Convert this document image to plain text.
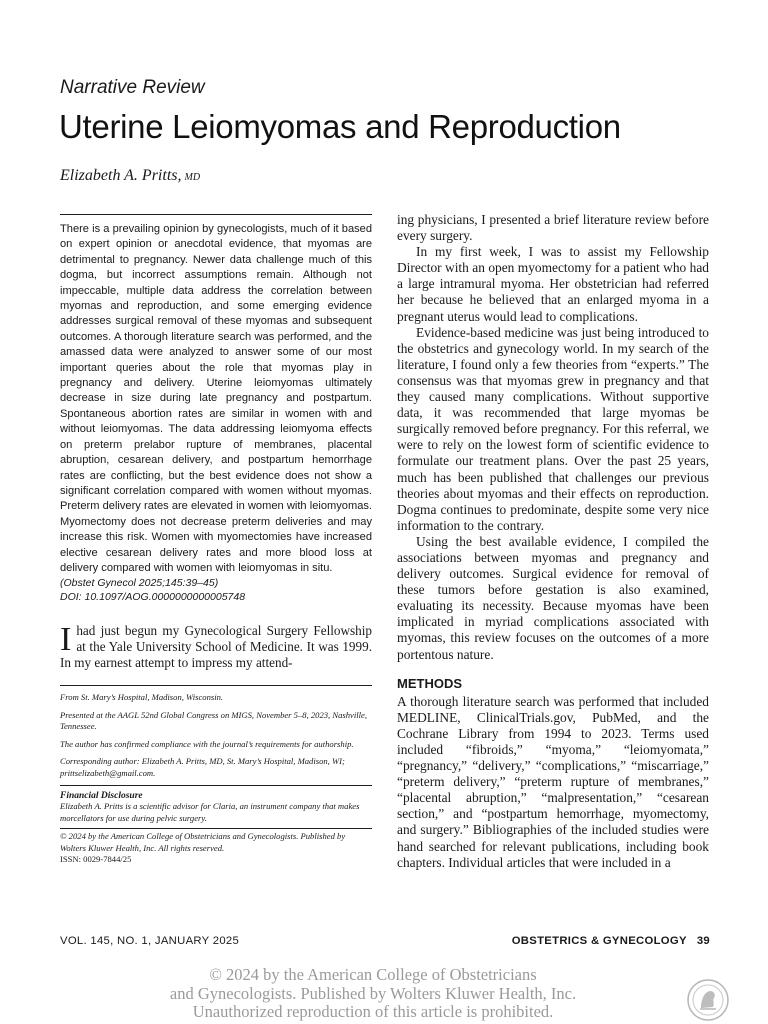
Narrative Review
Uterine Leiomyomas and Reproduction
Elizabeth A. Pritts, MD

There is a prevailing opinion by gynecologists, much of it based on expert opinion or anecdotal evidence, that myomas are detrimental to pregnancy. Newer data challenge much of this dogma, but incorrect assumptions remain. Although not impeccable, multiple data address the correlation between myomas and reproduction, and some emerging evidence addresses surgical removal of these myomas and subsequent outcomes. A thorough literature search was performed, and the amassed data were analyzed to answer some of our most important queries about the role that myomas play in pregnancy and delivery. Uterine leiomyomas ultimately decrease in size during late pregnancy and postpartum. Spontaneous abortion rates are similar in women with and without leiomyomas. The data addressing leiomyoma effects on preterm prelabor rupture of membranes, placental abruption, cesarean delivery, and postpartum hemorrhage rates are conflicting, but the best evidence does not show a significant correlation compared with women without myomas. Preterm delivery rates are elevated in women with leiomyomas. Myomectomy does not decrease preterm deliveries and may increase this risk. Women with myomectomies have increased elective cesarean delivery rates and more blood loss at delivery compared with women with leiomyomas in situ.

(Obstet Gynecol 2025;145:39–45)
DOI: 10.1097/AOG.0000000000005748
Ihad just begun my Gynecological Surgery Fellowship at the Yale University School of Medicine. It was 1999. In my earnest attempt to impress my attend-

From St. Mary’s Hospital, Madison, Wisconsin.

Presented at the AAGL 52nd Global Congress on MIGS, November 5–8, 2023, Nashville, Tennessee.

The author has confirmed compliance with the journal’s requirements for authorship.

Corresponding author: Elizabeth A. Pritts, MD, St. Mary’s Hospital, Madison, WI; prittselizabeth@gmail.com.

Financial Disclosure

Elizabeth A. Pritts is a scientific advisor for Claria, an instrument company that makes morcellators for use during pelvic surgery.

© 2024 by the American College of Obstetricians and Gynecologists. Published by Wolters Kluwer Health, Inc. All rights reserved.

ISSN: 0029-7844/25

ing physicians, I presented a brief literature review before every surgery.

In my first week, I was to assist my Fellowship Director with an open myomectomy for a patient who had a large intramural myoma. Her obstetrician had referred her because he believed that an enlarged myoma in a pregnant uterus would lead to complications.

Evidence-based medicine was just being introduced to the obstetrics and gynecology world. In my search of the literature, I found only a few theories from “experts.” The consensus was that myomas grew in pregnancy and that they caused many complications. Without supportive data, it was recommended that large myomas be surgically removed before pregnancy. For this referral, we were to rely on the lowest form of scientific evidence to formulate our treatment plans. Over the past 25 years, much has been published that challenges our previous theories about myomas and their effects on reproduction. Dogma continues to predominate, despite some very nice information to the contrary.

Using the best available evidence, I compiled the associations between myomas and pregnancy and delivery outcomes. Surgical evidence for removal of these tumors before gestation is also examined, evaluating its necessity. Because myomas have been implicated in myriad complications associated with myomas, this review focuses on the outcomes of a more portentous nature.

METHODS

A thorough literature search was performed that included MEDLINE, ClinicalTrials.gov, PubMed, and the Cochrane Library from 1994 to 2023. Terms used included “fibroids,” “myoma,” “leiomyomata,” “pregnancy,” “delivery,” “complications,” “miscarriage,” “preterm delivery,” “preterm rupture of membranes,” “placental abruption,” “malpresentation,” “cesarean section,” and “postpartum hemorrhage, myomectomy, and surgery.” Bibliographies of the included studies were hand searched for relevant publications, including book chapters. Individual articles that were included in a

VOL. 145, NO. 1, JANUARY 2025	OBSTETRICS & GYNECOLOGY 39
© 2024 by the American College of Obstetricians
and Gynecologists. Published by Wolters Kluwer Health, Inc.
Unauthorized reproduction of this article is prohibited.
